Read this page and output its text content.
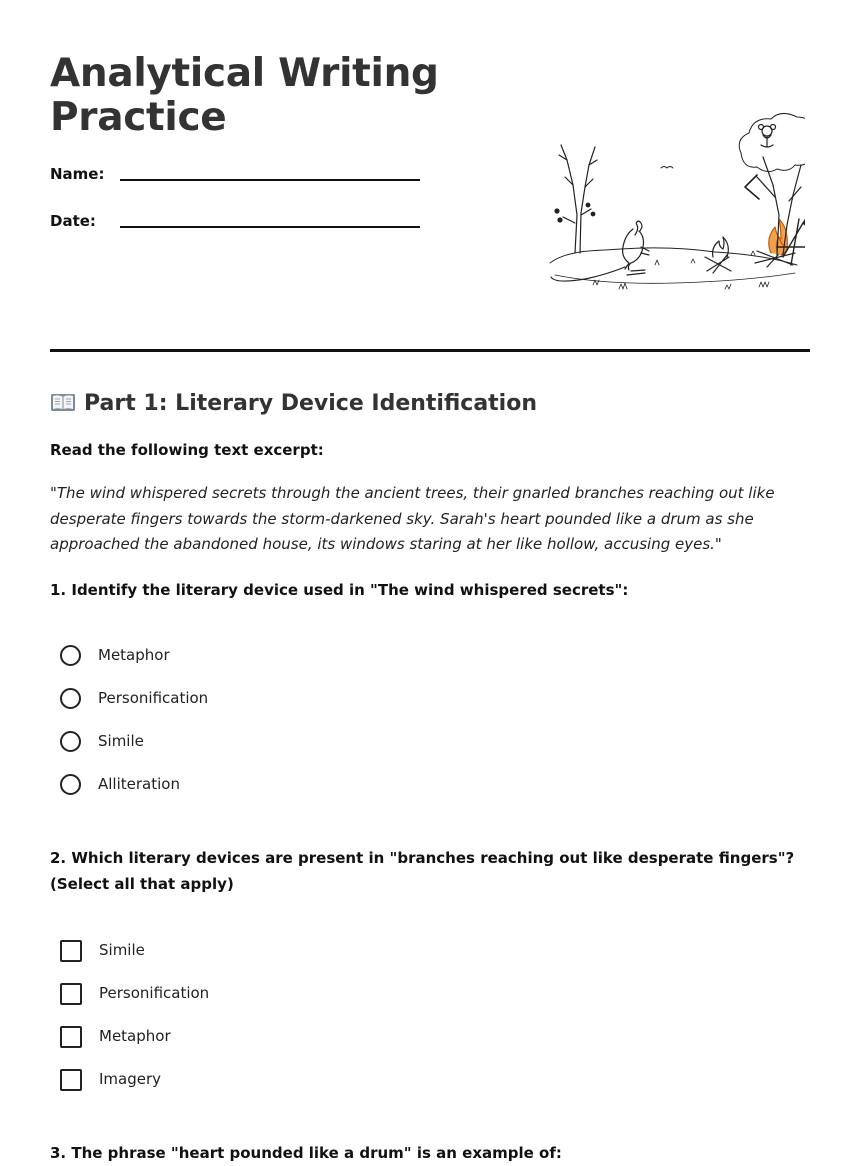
Analytical Writing
Practice
Name:
Date:
Part 1: Literary Device Identification
Read the following text excerpt:

"The wind whispered secrets through the ancient trees, their gnarled branches reaching out like desperate fingers towards the storm-darkened sky. Sarah's heart pounded like a drum as she approached the abandoned house, its windows staring at her like hollow, accusing eyes."

1. Identify the literary device used in "The wind whispered secrets":

Metaphor
Personification
Simile
Alliteration

2. Which literary devices are present in "branches reaching out like desperate fingers"? (Select all that apply)

Simile
Personification
Metaphor
Imagery

3. The phrase "heart pounded like a drum" is an example of:
